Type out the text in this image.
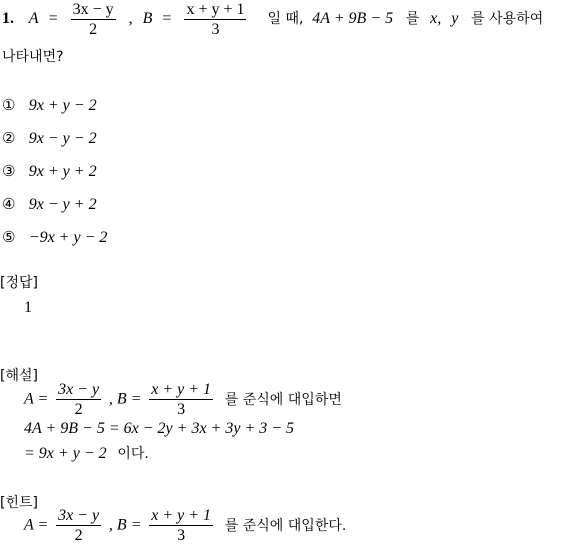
1. $A = \frac{3x - y}{2}$ , $B = \frac{x + y + 1}{3}$ 일 때, 4A + 9B − 5 를 x, y 를 사용하여
나타내면?
① 9x + y − 2
② 9x − y − 2
③ 9x + y + 2
④ 9x − y + 2
⑤ −9x + y − 2
[정답]
1
[해설]
$A = \frac{3x - y}{2}$ , $B = \frac{x + y + 1}{3}$ 를 준식에 대입하면
4A + 9B − 5 = 6x − 2y + 3x + 3y + 3 − 5
= 9x + y − 2 이다.
[힌트]
$A = \frac{3x - y}{2}$ , $B = \frac{x + y + 1}{3}$ 를 준식에 대입한다.
